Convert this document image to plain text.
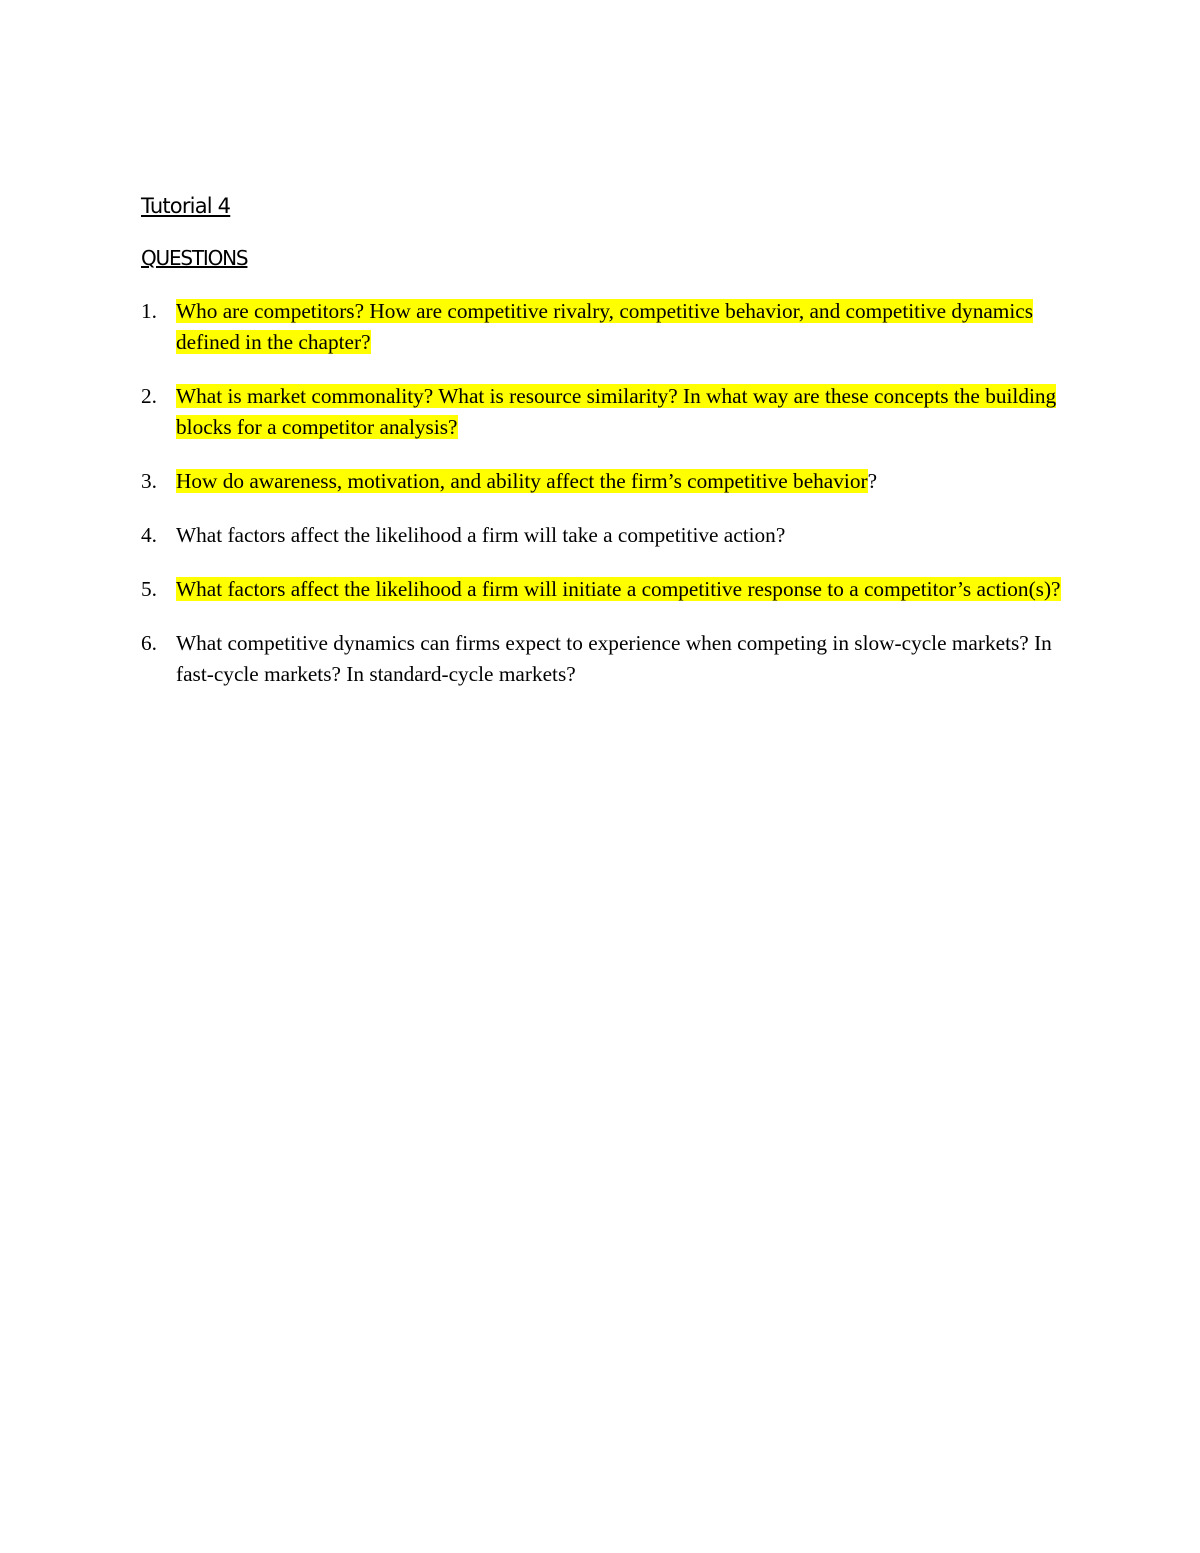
Tutorial 4
QUESTIONS
1. Who are competitors? How are competitive rivalry, competitive behavior, and competitive dynamics defined in the chapter?
2. What is market commonality? What is resource similarity? In what way are these concepts the building blocks for a competitor analysis?
3. How do awareness, motivation, and ability affect the firm’s competitive behavior?
4. What factors affect the likelihood a firm will take a competitive action?
5. What factors affect the likelihood a firm will initiate a competitive response to a competitor’s action(s)?
6. What competitive dynamics can firms expect to experience when competing in slow-cycle markets? In fast-cycle markets? In standard-cycle markets?
